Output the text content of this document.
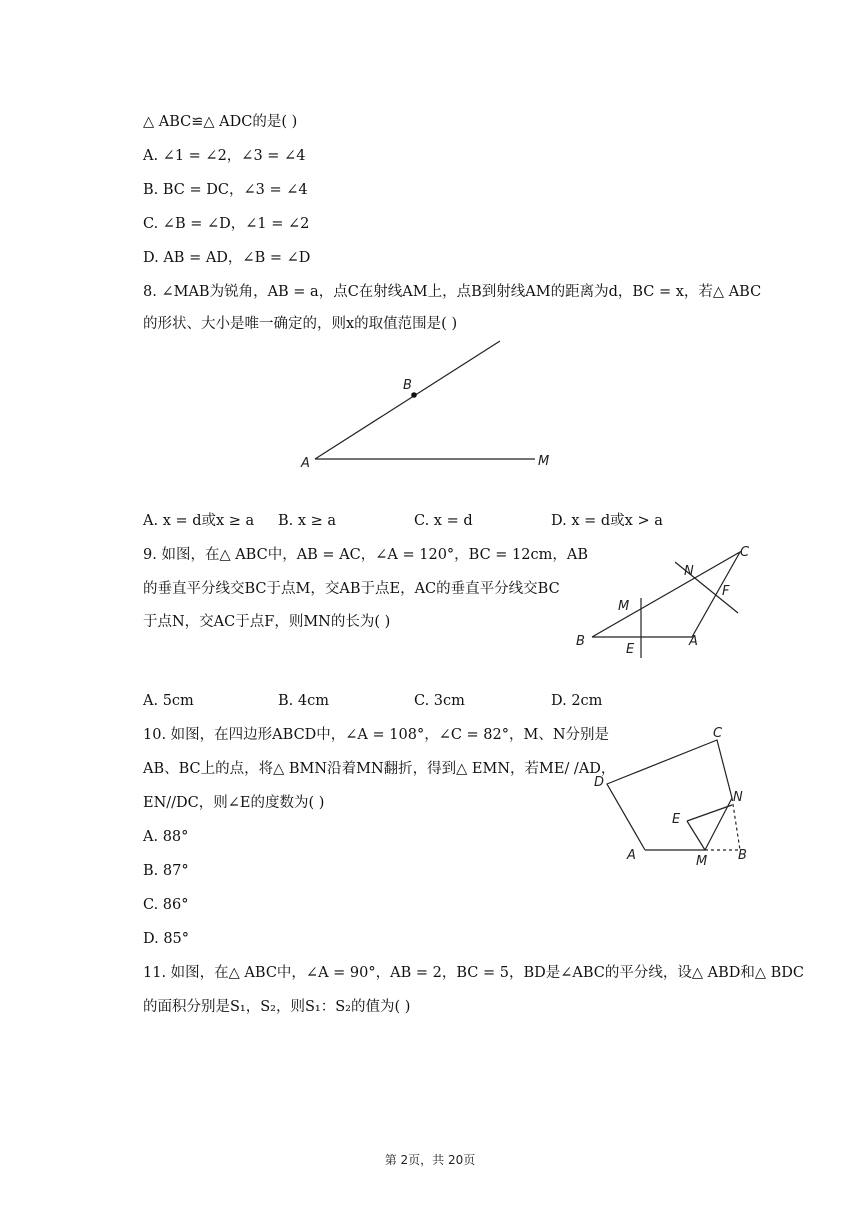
△ ABC≌△ ADC的是( )
A. ∠1 = ∠2，∠3 = ∠4
B. BC = DC，∠3 = ∠4
C. ∠B = ∠D，∠1 = ∠2
D. AB = AD，∠B = ∠D
8. ∠MAB为锐角，AB = a，点C在射线AM上，点B到射线AM的距离为d，BC = x，若△ ABC
的形状、大小是唯一确定的，则x的取值范围是( )
A
B
M
A. x = d或x ≥ a B. x ≥ a	C. x = d	D. x = d或x > a
9. 如图，在△ ABC中，AB = AC，∠A = 120°，BC = 12cm，AB
的垂直平分线交BC于点M，交AB于点E，AC的垂直平分线交BC
于点N，交AC于点F，则MN的长为( )
B	A
C
E
M
N
F
A. 5cm	B. 4cm	C. 3cm	D. 2cm
10. 如图，在四边形ABCD中，∠A = 108°，∠C = 82°，M、N分别是
AB、BC上的点，将△ BMN沿着MN翻折，得到△ EMN，若ME/ /AD，
EN//DC，则∠E的度数为( )
A. 88°
B. 87°
C. 86°
D. 85°
D
C
N
E
A	M B
11. 如图，在△ ABC中，∠A = 90°，AB = 2，BC = 5，BD是∠ABC的平分线，设△ ABD和△ BDC
的面积分别是S₁，S₂，则S₁：S₂的值为( )
第 2页，共 20页
